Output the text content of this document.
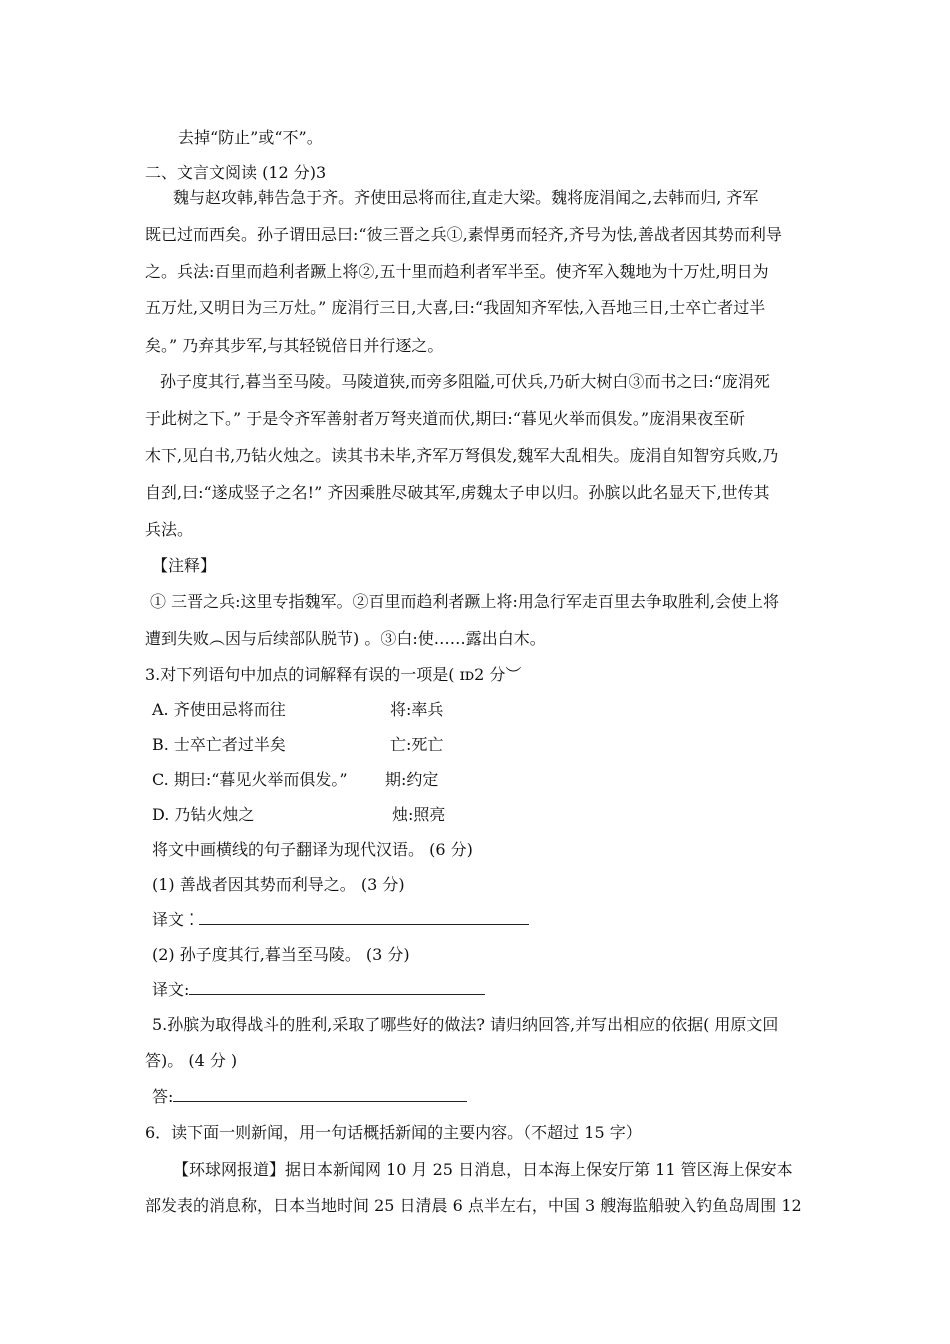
去掉“防止”或“不”。
二、文言文阅读 (12 分)3
魏与赵攻韩,韩告急于齐。齐使田忌将而往,直走大梁。魏将庞涓闻之,去韩而归, 齐军
既已过而西矣。孙子谓田忌曰:“彼三晋之兵①,素悍勇而轻齐,齐号为怯,善战者因其势而利导
之。兵法:百里而趋利者蹶上将②,五十里而趋利者军半至。使齐军入魏地为十万灶,明日为
五万灶,又明日为三万灶。” 庞涓行三日,大喜,曰:“我固知齐军怯,入吾地三日,士卒亡者过半
矣。” 乃弃其步军,与其轻锐倍日并行逐之。
孙子度其行,暮当至马陵。马陵道狭,而旁多阻隘,可伏兵,乃斫大树白③而书之曰:“庞涓死
于此树之下。” 于是令齐军善射者万弩夹道而伏,期曰:“暮见火举而俱发。”庞涓果夜至斫
木下,见白书,乃钻火烛之。读其书未毕,齐军万弩俱发,魏军大乱相失。庞涓自知智穷兵败,乃
自刭,曰:“遂成竖子之名!” 齐因乘胜尽破其军,虏魏太子申以归。孙膑以此名显天下,世传其
兵法。
【注释】
① 三晋之兵:这里专指魏军。②百里而趋利者蹶上将:用急行军走百里去争取胜利,会使上将
遭到失败︵因与后续部队脱节) 。③白:使……露出白木。
3.对下列语句中加点的词解释有误的一项是( ɪᴅ2 分︶
A. 齐使田忌将而往	将:率兵
B. 士卒亡者过半矣	亡:死亡
C. 期曰:“暮见火举而俱发。” 期:约定
D. 乃钻火烛之	烛:照亮
将文中画横线的句子翻译为现代汉语。 (6 分)
(1) 善战者因其势而利导之。 (3 分)
译文 ⁚
(2) 孙子度其行,暮当至马陵。 (3 分)
译文:
5.孙膑为取得战斗的胜利,采取了哪些好的做法? 请归纳回答,并写出相应的依据( 用原文回
答)。 (4 分 )
答:
6．读下面一则新闻，用一句话概括新闻的主要内容。（不超过 15 字）
【环球网报道】据日本新闻网 10 月 25 日消息，日本海上保安厅第 11 管区海上保安本
部发表的消息称，日本当地时间 25 日清晨 6 点半左右，中国 3 艘海监船驶入钓鱼岛周围 12
